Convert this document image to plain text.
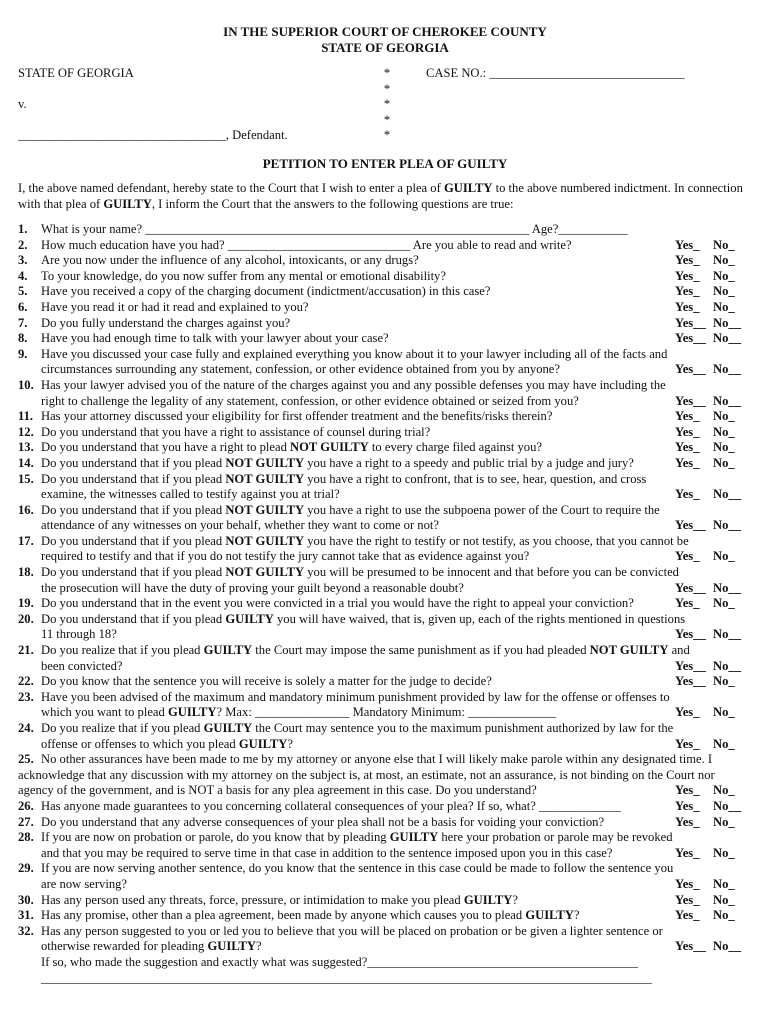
IN THE SUPERIOR COURT OF CHEROKEE COUNTY
STATE OF GEORGIA
STATE OF GEORGIA
v.
_________________________________, Defendant.
*
*
*
*
*
CASE NO.: _______________________________
PETITION TO ENTER PLEA OF GUILTY
I, the above named defendant, hereby state to the Court that I wish to enter a plea of GUILTY to the above numbered indictment. In connection with that plea of GUILTY, I inform the Court that the answers to the following questions are true:
1.	What is your name? _____________________________________________________________ Age?___________
2.	How much education have you had? _____________________________ Are you able to read and write?	Yes_ No_
3.	Are you now under the influence of any alcohol, intoxicants, or any drugs?	Yes_ No_
4.	To your knowledge, do you now suffer from any mental or emotional disability?	Yes_ No_
5.	Have you received a copy of the charging document (indictment/accusation) in this case?	Yes_ No_
6.	Have you read it or had it read and explained to you?	Yes_ No_
7.	Do you fully understand the charges against you?	Yes__ No__
8.	Have you had enough time to talk with your lawyer about your case?	Yes__ No__
9.	Have you discussed your case fully and explained everything you know about it to your lawyer including all of the facts and circumstances surrounding any statement, confession, or other evidence obtained from you by anyone?	Yes__ No__
10. Has your lawyer advised you of the nature of the charges against you and any possible defenses you may have including the right to challenge the legality of any statement, confession, or other evidence obtained or seized from you?	Yes__ No__
11. Has your attorney discussed your eligibility for first offender treatment and the benefits/risks therein?	Yes_ No_
12. Do you understand that you have a right to assistance of counsel during trial?	Yes_ No_
13. Do you understand that you have a right to plead NOT GUILTY to every charge filed against you?	Yes_ No_
14. Do you understand that if you plead NOT GUILTY you have a right to a speedy and public trial by a judge and jury?	Yes_ No_
15. Do you understand that if you plead NOT GUILTY you have a right to confront, that is to see, hear, question, and cross examine, the witnesses called to testify against you at trial?	Yes_ No__
16. Do you understand that if you plead NOT GUILTY you have a right to use the subpoena power of the Court to require the attendance of any witnesses on your behalf, whether they want to come or not?	Yes__ No__
17. Do you understand that if you plead NOT GUILTY you have the right to testify or not testify, as you choose, that you cannot be required to testify and that if you do not testify the jury cannot take that as evidence against you?	Yes_ No_
18. Do you understand that if you plead NOT GUILTY you will be presumed to be innocent and that before you can be convicted the prosecution will have the duty of proving your guilt beyond a reasonable doubt?	Yes__ No__
19. Do you understand that in the event you were convicted in a trial you would have the right to appeal your conviction?	Yes_ No_
20. Do you understand that if you plead GUILTY you will have waived, that is, given up, each of the rights mentioned in questions 11 through 18?	Yes__ No__
21. Do you realize that if you plead GUILTY the Court may impose the same punishment as if you had pleaded NOT GUILTY and been convicted?	Yes__ No__
22. Do you know that the sentence you will receive is solely a matter for the judge to decide?	Yes__ No_
23. Have you been advised of the maximum and mandatory minimum punishment provided by law for the offense or offenses to which you want to plead GUILTY? Max: _______________ Mandatory Minimum: ______________	Yes_ No_
24. Do you realize that if you plead GUILTY the Court may sentence you to the maximum punishment authorized by law for the offense or offenses to which you plead GUILTY?	Yes_ No_
25. No other assurances have been made to me by my attorney or anyone else that I will likely make parole within any designated time. I acknowledge that any discussion with my attorney on the subject is, at most, an estimate, not an assurance, is not binding on the Court nor agency of the government, and is NOT a basis for any plea agreement in this case. Do you understand?	Yes_ No_
26. Has anyone made guarantees to you concerning collateral consequences of your plea? If so, what? _____________	Yes_ No__
27. Do you understand that any adverse consequences of your plea shall not be a basis for voiding your conviction?	Yes_ No_
28. If you are now on probation or parole, do you know that by pleading GUILTY here your probation or parole may be revoked and that you may be required to serve time in that case in addition to the sentence imposed upon you in this case?	Yes_ No_
29. If you are now serving another sentence, do you know that the sentence in this case could be made to follow the sentence you are now serving?	Yes_ No_
30. Has any person used any threats, force, pressure, or intimidation to make you plead GUILTY?	Yes_ No_
31. Has any promise, other than a plea agreement, been made by anyone which causes you to plead GUILTY?	Yes_ No_
32. Has any person suggested to you or led you to believe that you will be placed on probation or be given a lighter sentence or otherwise rewarded for pleading GUILTY?	Yes__ No__
If so, who made the suggestion and exactly what was suggested?___________________________________________
_________________________________________________________________________________________________
